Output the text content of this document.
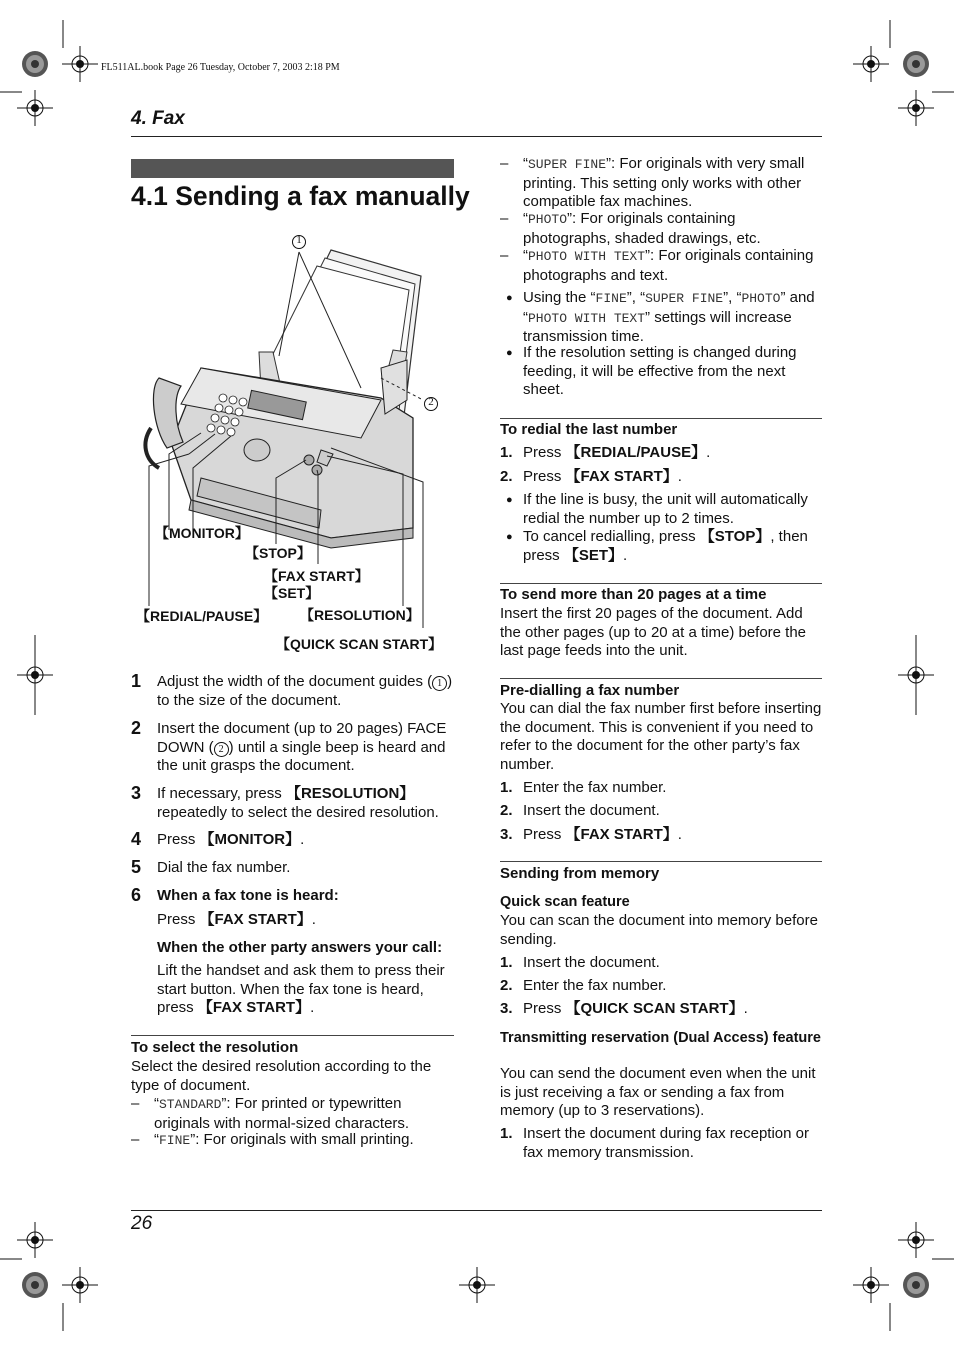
FL511AL.book Page 26 Tuesday, October 7, 2003 2:18 PM
4. Fax
4.1 Sending a fax manually
1
2
【MONITOR】
【STOP】
【FAX START】
【SET】
【REDIAL/PAUSE】 【RESOLUTION】
【QUICK SCAN START】
1 Adjust the width of the document guides ( 1 ) to the size of the document.
2 Insert the document (up to 20 pages) FACE DOWN ( 2 ) until a single beep is heard and the unit grasps the document.
3 If necessary, press 【RESOLUTION】 repeatedly to select the desired resolution.
4 Press 【MONITOR】.
5 Dial the fax number.
6 When a fax tone is heard:
Press 【FAX START】.
When the other party answers your call:
Lift the handset and ask them to press their start button. When the fax tone is heard, press 【FAX START】.
To select the resolution
Select the desired resolution according to the type of document.
– “STANDARD”: For printed or typewritten originals with normal-sized characters.
– “FINE”: For originals with small printing.
– “SUPER FINE”: For originals with very small printing. This setting only works with other compatible fax machines.
– “PHOTO”: For originals containing photographs, shaded drawings, etc.
– “PHOTO WITH TEXT”: For originals containing photographs and text.
● Using the “FINE”, “SUPER FINE”, “PHOTO” and “PHOTO WITH TEXT” settings will increase transmission time.
● If the resolution setting is changed during feeding, it will be effective from the next sheet.
To redial the last number
1. Press 【REDIAL/PAUSE】.
2. Press 【FAX START】.
● If the line is busy, the unit will automatically redial the number up to 2 times.
● To cancel redialling, press 【STOP】, then press 【SET】.
To send more than 20 pages at a time
Insert the first 20 pages of the document. Add the other pages (up to 20 at a time) before the last page feeds into the unit.
Pre-dialling a fax number
You can dial the fax number first before inserting the document. This is convenient if you need to refer to the document for the other party’s fax number.
1. Enter the fax number.
2. Insert the document.
3. Press 【FAX START】.
Sending from memory
Quick scan feature
You can scan the document into memory before sending.
1. Insert the document.
2. Enter the fax number.
3. Press 【QUICK SCAN START】.
Transmitting reservation (Dual Access) feature
You can send the document even when the unit is just receiving a fax or sending a fax from memory (up to 3 reservations).
1. Insert the document during fax reception or fax memory transmission.
26
